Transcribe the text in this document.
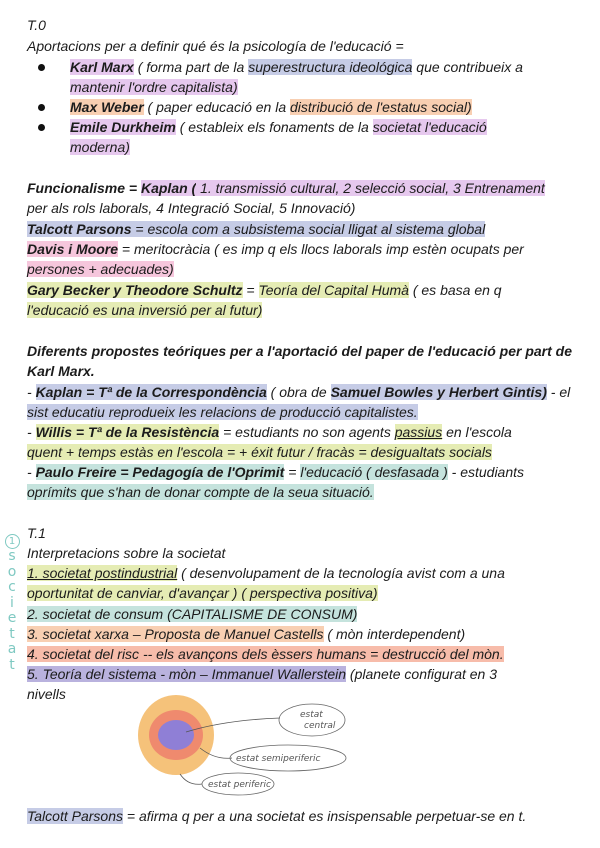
T.0
Aportacions per a definir qué és la psicología de l'educació =
Karl Marx ( forma part de la superestructura ideológica que contribueix a
mantenir l'ordre capitalista)
Max Weber ( paper educació en la distribució de l'estatus social)
Emile Durkheim ( estableix els fonaments de la societat l'educació
moderna)
Funcionalisme = Kaplan ( 1. transmissió cultural, 2 selecció social, 3 Entrenament
per als rols laborals, 4 Integració Social, 5 Innovació)
Talcott Parsons = escola com a subsistema social lligat al sistema global
Davis i Moore = meritocràcia ( es imp q els llocs laborals imp estèn ocupats per
persones + adecuades)
Gary Becker y Theodore Schultz = Teoría del Capital Humà ( es basa en q
l'educació es una inversió per al futur)
Diferents propostes teóriques per a l'aportació del paper de l'educació per part de
Karl Marx.
- Kaplan = Tª de la Correspondència ( obra de Samuel Bowles y Herbert Gintis) - el
sist educatiu reprodueix les relacions de producció capitalistes.
- Willis = Tª de la Resistència = estudiants no son agents passius en l'escola
quent + temps estàs en l'escola = + éxit futur / fracàs = desigualtats socials
- Paulo Freire = Pedagogía de l'Oprimit = l'educació ( desfasada ) - estudiants
oprímits que s'han de donar compte de la seua situació.
T.1
Interpretacions sobre la societat
1. societat postindustrial ( desenvolupament de la tecnología avist com a una
oportunitat de canviar, d'avançar ) ( perspectiva positiva)
2. societat de consum (CAPITALISME DE CONSUM)
3. societat xarxa – Proposta de Manuel Castells ( mòn interdependent)
4. societat del risc -- els avançons dels èssers humans = destrucció del mòn.
5. Teoría del sistema - mòn – Immanuel Wallerstein (planete configurat en 3
nivells
1
s
o
c
i
e
t
a
t
estat
central
estat semiperiferic
estat periferic
Talcott Parsons = afirma q per a una societat es insispensable perpetuar-se en t.
